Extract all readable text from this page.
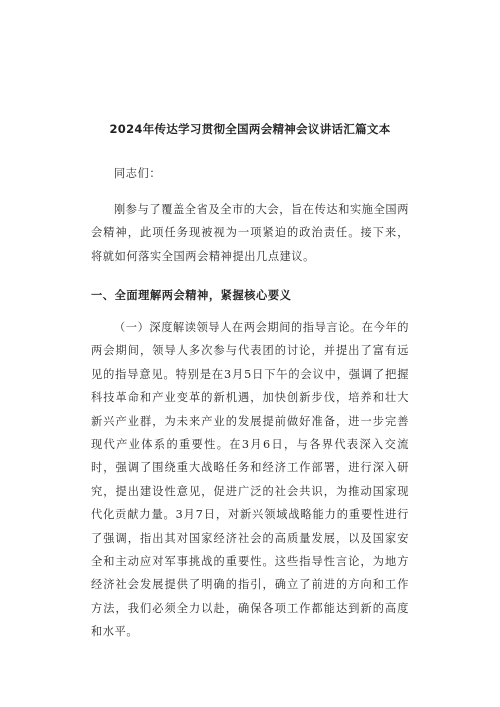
2024年传达学习贯彻全国两会精神会议讲话汇篇文本
同志们：

刚参与了覆盖全省及全市的大会，旨在传达和实施全国两会精神，此项任务现被视为一项紧迫的政治责任。接下来，将就如何落实全国两会精神提出几点建议。

一、全面理解两会精神，紧握核心要义

（一）深度解读领导人在两会期间的指导言论。在今年的两会期间，领导人多次参与代表团的讨论，并提出了富有远见的指导意见。特别是在3月5日下午的会议中，强调了把握科技革命和产业变革的新机遇，加快创新步伐，培养和壮大新兴产业群，为未来产业的发展提前做好准备，进一步完善现代产业体系的重要性。在3月6日，与各界代表深入交流时，强调了围绕重大战略任务和经济工作部署，进行深入研究，提出建设性意见，促进广泛的社会共识，为推动国家现代化贡献力量。3月7日，对新兴领域战略能力的重要性进行了强调，指出其对国家经济社会的高质量发展，以及国家安全和主动应对军事挑战的重要性。这些指导性言论，为地方经济社会发展提供了明确的指引，确立了前进的方向和工作方法，我们必须全力以赴，确保各项工作都能达到新的高度和水平。
